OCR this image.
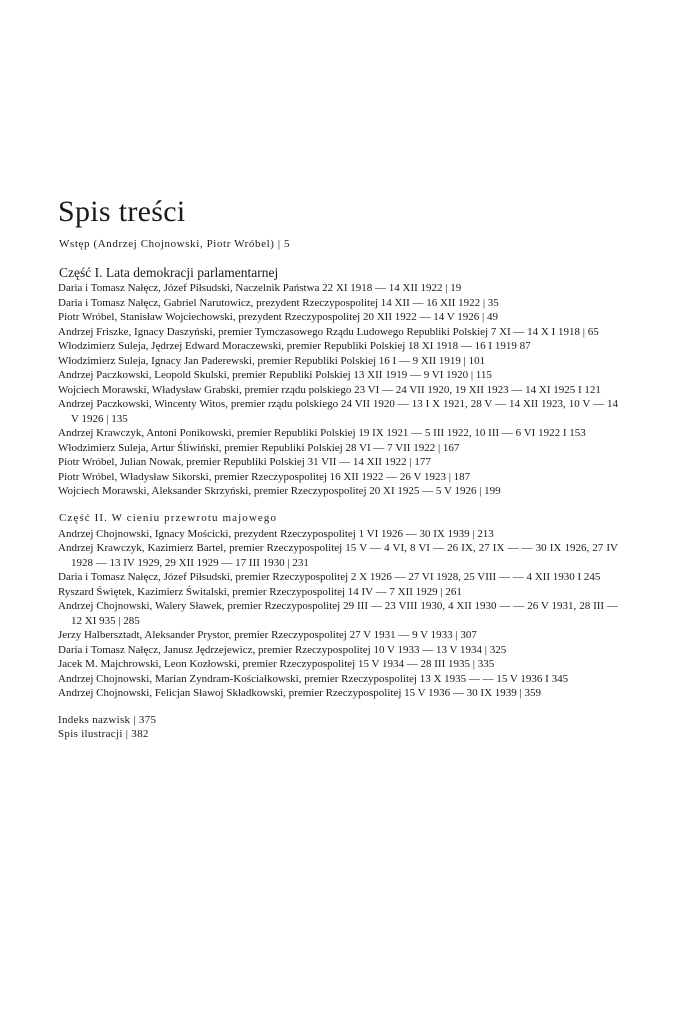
Spis treści
Wstęp (Andrzej Chojnowski, Piotr Wróbel) | 5
Część I. Lata demokracji parlamentarnej
Daria i Tomasz Nałęcz, Józef Piłsudski, Naczelnik Państwa 22 XI 1918 — 14 XII 1922 | 19
Daria i Tomasz Nałęcz, Gabriel Narutowicz, prezydent Rzeczypospolitej 14 XII — 16 XII 1922 | 35
Piotr Wróbel, Stanisław Wojciechowski, prezydent Rzeczypospolitej 20 XII 1922 — 14 V 1926 | 49
Andrzej Friszke, Ignacy Daszyński, premier Tymczasowego Rządu Ludowego Republiki Polskiej 7 XI — 14 X I 1918 | 65
Włodzimierz Suleja, Jędrzej Edward Moraczewski, premier Republiki Polskiej 18 XI 1918 — 16 I 1919 87
Włodzimierz Suleja, Ignacy Jan Paderewski, premier Republiki Polskiej 16 I — 9 XII 1919 | 101
Andrzej Paczkowski, Leopold Skulski, premier Republiki Polskiej 13 XII 1919 — 9 VI 1920 | 115
Wojciech Morawski, Władysław Grabski, premier rządu polskiego 23 VI — 24 VII 1920, 19 XII 1923 — 14 XI 1925 I 121
Andrzej Paczkowski, Wincenty Witos, premier rządu polskiego 24 VII 1920 — 13 I X 1921, 28 V — 14 XII 1923, 10 V — 14 V 1926 | 135
Andrzej Krawczyk, Antoni Ponikowski, premier Republiki Polskiej 19 IX 1921 — 5 III 1922, 10 III — 6 VI 1922 I 153
Włodzimierz Suleja, Artur Śliwiński, premier Republiki Polskiej 28 VI — 7 VII 1922 | 167
Piotr Wróbel, Julian Nowak, premier Republiki Polskiej 31 VII — 14 XII 1922 | 177
Piotr Wróbel, Władysław Sikorski, premier Rzeczypospolitej 16 XII 1922 — 26 V 1923 | 187
Wojciech Morawski, Aleksander Skrzyński, premier Rzeczypospolitej 20 XI 1925 — 5 V 1926 | 199
Część II. W cieniu przewrotu majowego
Andrzej Chojnowski, Ignacy Mościcki, prezydent Rzeczypospolitej 1 VI 1926 — 30 IX 1939 | 213
Andrzej Krawczyk, Kazimierz Bartel, premier Rzeczypospolitej 15 V — 4 VI, 8 VI — 26 IX, 27 IX — — 30 IX 1926, 27 IV 1928 — 13 IV 1929, 29 XII 1929 — 17 III 1930 | 231
Daria i Tomasz Nałęcz, Józef Piłsudski, premier Rzeczypospolitej 2 X 1926 — 27 VI 1928, 25 VIII — — 4 XII 1930 I 245
Ryszard Świętek, Kazimierz Świtalski, premier Rzeczypospolitej 14 IV — 7 XII 1929 | 261
Andrzej Chojnowski, Walery Sławek, premier Rzeczypospolitej 29 III — 23 VIII 1930, 4 XII 1930 — — 26 V 1931, 28 III — 12 XI 935 | 285
Jerzy Halbersztadt, Aleksander Prystor, premier Rzeczypospolitej 27 V 1931 — 9 V 1933 | 307
Daria i Tomasz Nałęcz, Janusz Jędrzejewicz, premier Rzeczypospolitej 10 V 1933 — 13 V 1934 | 325
Jacek M. Majchrowski, Leon Kozłowski, premier Rzeczypospolitej 15 V 1934 — 28 III 1935 | 335
Andrzej Chojnowski, Marian Zyndram-Kościałkowski, premier Rzeczypospolitej 13 X 1935 — — 15 V 1936 I 345
Andrzej Chojnowski, Felicjan Sławoj Składkowski, premier Rzeczypospolitej 15 V 1936 — 30 IX 1939 | 359
Indeks nazwisk | 375
Spis ilustracji | 382
